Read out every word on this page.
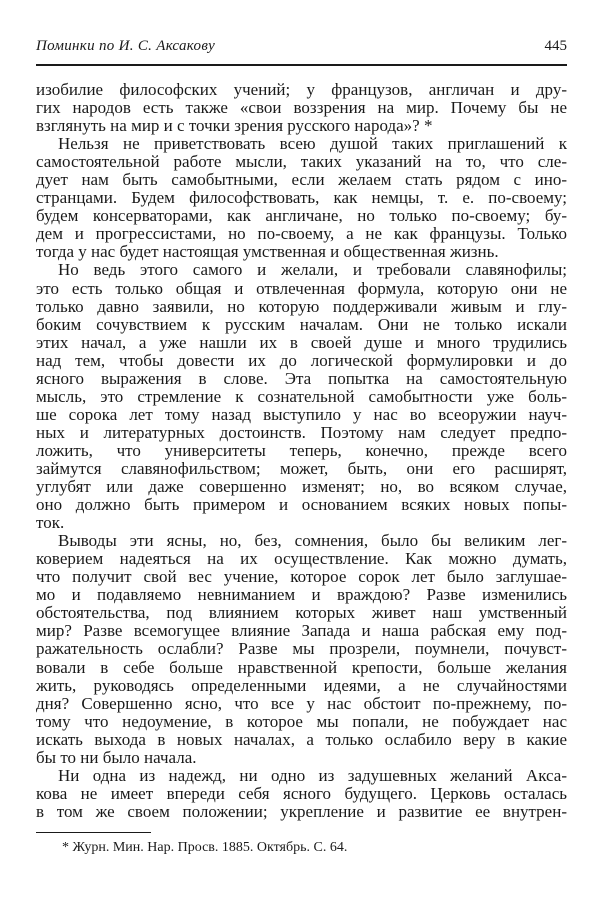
Поминки по И. С. Аксакову	445
изобилие философских учений; у французов, англичан и дру-
гих народов есть также «свои воззрения на мир. Почему бы не
взглянуть на мир и с точки зрения русского народа»? *
Нельзя не приветствовать всею душой таких приглашений к
самостоятельной работе мысли, таких указаний на то, что сле-
дует нам быть самобытными, если желаем стать рядом с ино-
странцами. Будем философствовать, как немцы, т. е. по-своему;
будем консерваторами, как англичане, но только по-своему; бу-
дем и прогрессистами, но по-своему, а не как французы. Только
тогда у нас будет настоящая умственная и общественная жизнь.
Но ведь этого самого и желали, и требовали славянофилы;
это есть только общая и отвлеченная формула, которую они не
только давно заявили, но которую поддерживали живым и глу-
боким сочувствием к русским началам. Они не только искали
этих начал, а уже нашли их в своей душе и много трудились
над тем, чтобы довести их до логической формулировки и до
ясного выражения в слове. Эта попытка на самостоятельную
мысль, это стремление к сознательной самобытности уже боль-
ше сорока лет тому назад выступило у нас во всеоружии науч-
ных и литературных достоинств. Поэтому нам следует предпо-
ложить, что университеты теперь, конечно, прежде всего
займутся славянофильством; может, быть, они его расширят,
углубят или даже совершенно изменят; но, во всяком случае,
оно должно быть примером и основанием всяких новых попы-
ток.
Выводы эти ясны, но, без, сомнения, было бы великим лег-
коверием надеяться на их осуществление. Как можно думать,
что получит свой вес учение, которое сорок лет было заглушае-
мо и подавляемо невниманием и враждою? Разве изменились
обстоятельства, под влиянием которых живет наш умственный
мир? Разве всемогущее влияние Запада и наша рабская ему под-
ражательность ослабли? Разве мы прозрели, поумнели, почувст-
вовали в себе больше нравственной крепости, больше желания
жить, руководясь определенными идеями, а не случайностями
дня? Совершенно ясно, что все у нас обстоит по-прежнему, по-
тому что недоумение, в которое мы попали, не побуждает нас
искать выхода в новых началах, а только ослабило веру в какие
бы то ни было начала.
Ни одна из надежд, ни одно из задушевных желаний Акса-
кова не имеет впереди себя ясного будущего. Церковь осталась
в том же своем положении; укрепление и развитие ее внутрен-
* Журн. Мин. Нар. Просв. 1885. Октябрь. С. 64.
